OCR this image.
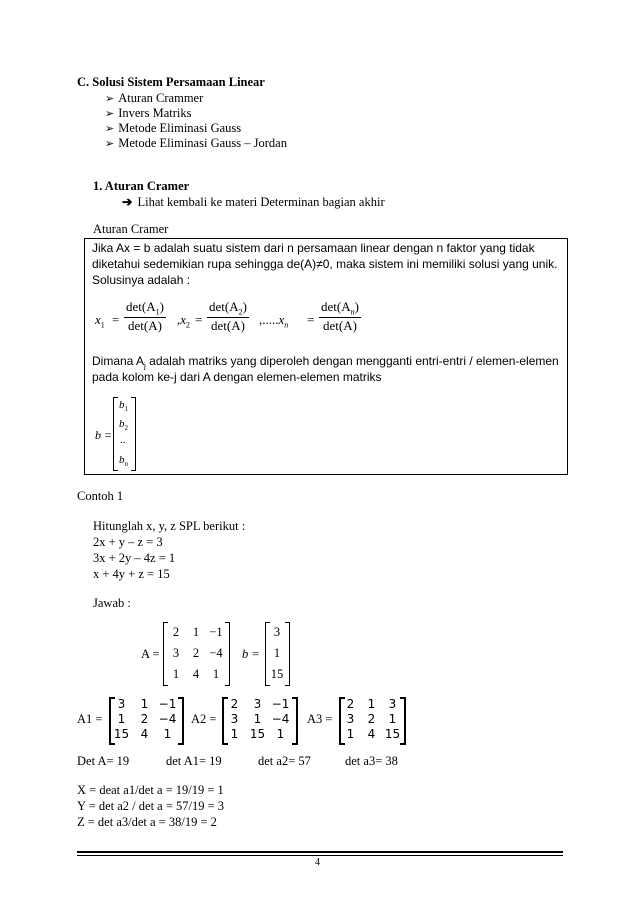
C. Solusi Sistem Persamaan Linear
➢ Aturan Crammer
➢ Invers Matriks
➢ Metode Eliminasi Gauss
➢ Metode Eliminasi Gauss – Jordan
1. Aturan Cramer
➔ Lihat kembali ke materi Determinan bagian akhir
Aturan Cramer
Jika Ax = b adalah suatu sistem dari n persamaan linear dengan n faktor yang tidak
diketahui sedemikian rupa sehingga de(A)≠0, maka sistem ini memiliki solusi yang unik.
Solusinya adalah :
$x_1$ =
$\det(A_1)$
det(A)	$,x_2$ =
$\det(A_2)$
det(A)	$,.....x_n$ =
$\det(A_n)$
det(A)
Dimana $A_j$ adalah matriks yang diperoleh dengan mengganti entri-entri / elemen-elemen
pada kolom ke-j dari A dengan elemen-elemen matriks
b =
$b_1$
$b_2$
..
$b_n$
Contoh 1
Hitunglah x, y, z SPL berikut :
2x + y – z = 3
3x + 2y – 4z = 1
x + 4y + z = 15
Jawab :
A =
2	1 −1
3	2 −4
1	4	1
b =
3
1
15
A1 =
3	1 −1
1	2 −4
15 4	1
A2 =
2	3 −1
3	1 −4
1 15 1
A3 =
2	1	3
3	2	1
1	4 15
Det A= 19	det A1= 19	det a2= 57	det a3= 38
X = deat a1/det a = 19/19 = 1
Y = det a2 / det a = 57/19 = 3
Z = det a3/det a = 38/19 = 2
4
